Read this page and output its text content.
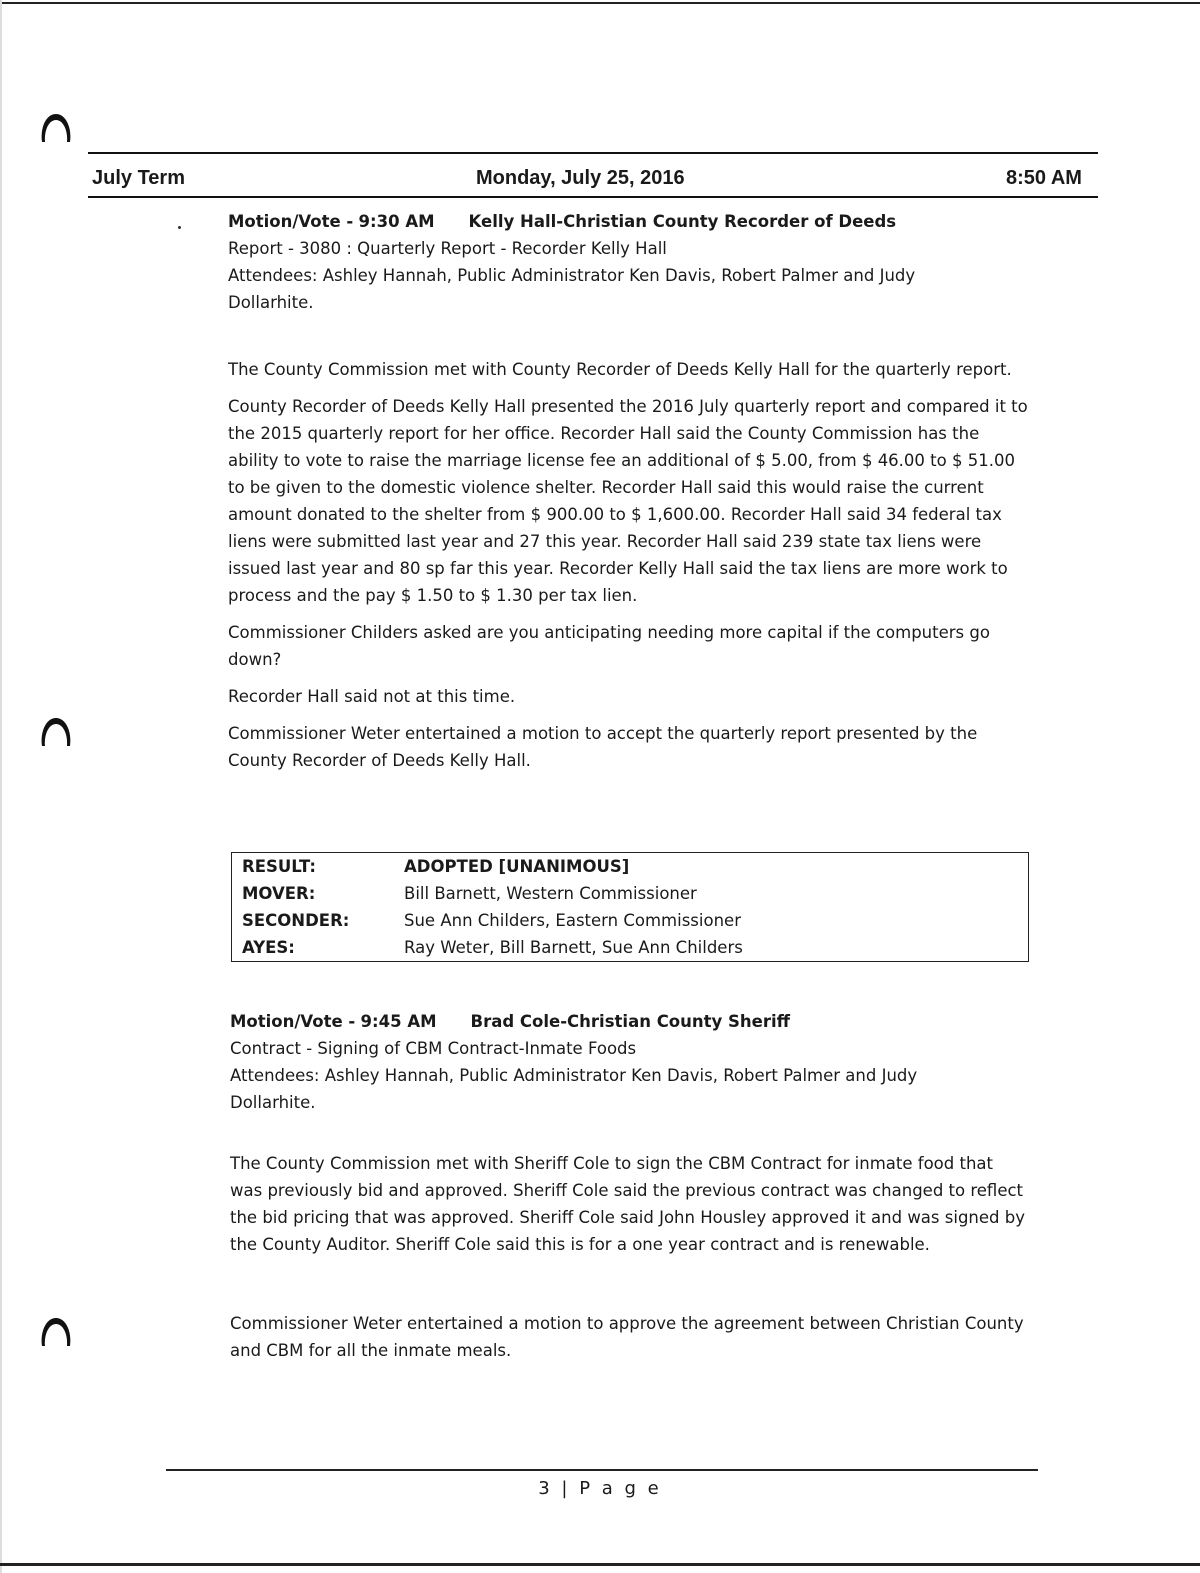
July Term	Monday, July 25, 2016	8:50 AM

Motion/Vote - 9:30 AM Kelly Hall-Christian County Recorder of Deeds

Report - 3080 : Quarterly Report - Recorder Kelly Hall

Attendees: Ashley Hannah, Public Administrator Ken Davis, Robert Palmer and Judy

Dollarhite.

The County Commission met with County Recorder of Deeds Kelly Hall for the quarterly report.

County Recorder of Deeds Kelly Hall presented the 2016 July quarterly report and compared it to the 2015 quarterly report for her office. Recorder Hall said the County Commission has the ability to vote to raise the marriage license fee an additional of $ 5.00, from $ 46.00 to $ 51.00 to be given to the domestic violence shelter. Recorder Hall said this would raise the current amount donated to the shelter from $ 900.00 to $ 1,600.00. Recorder Hall said 34 federal tax liens were submitted last year and 27 this year. Recorder Hall said 239 state tax liens were issued last year and 80 sp far this year. Recorder Kelly Hall said the tax liens are more work to process and the pay $ 1.50 to $ 1.30 per tax lien.

Commissioner Childers asked are you anticipating needing more capital if the computers go down?

Recorder Hall said not at this time.

Commissioner Weter entertained a motion to accept the quarterly report presented by the County Recorder of Deeds Kelly Hall.

RESULT:	ADOPTED [UNANIMOUS]
MOVER:	Bill Barnett, Western Commissioner
SECONDER:	Sue Ann Childers, Eastern Commissioner
AYES:	Ray Weter, Bill Barnett, Sue Ann Childers

Motion/Vote - 9:45 AM Brad Cole-Christian County Sheriff

Contract - Signing of CBM Contract-Inmate Foods

Attendees: Ashley Hannah, Public Administrator Ken Davis, Robert Palmer and Judy

Dollarhite.

The County Commission met with Sheriff Cole to sign the CBM Contract for inmate food that was previously bid and approved. Sheriff Cole said the previous contract was changed to reflect the bid pricing that was approved. Sheriff Cole said John Housley approved it and was signed by the County Auditor. Sheriff Cole said this is for a one year contract and is renewable.

Commissioner Weter entertained a motion to approve the agreement between Christian County and CBM for all the inmate meals.

3 | P a g e
